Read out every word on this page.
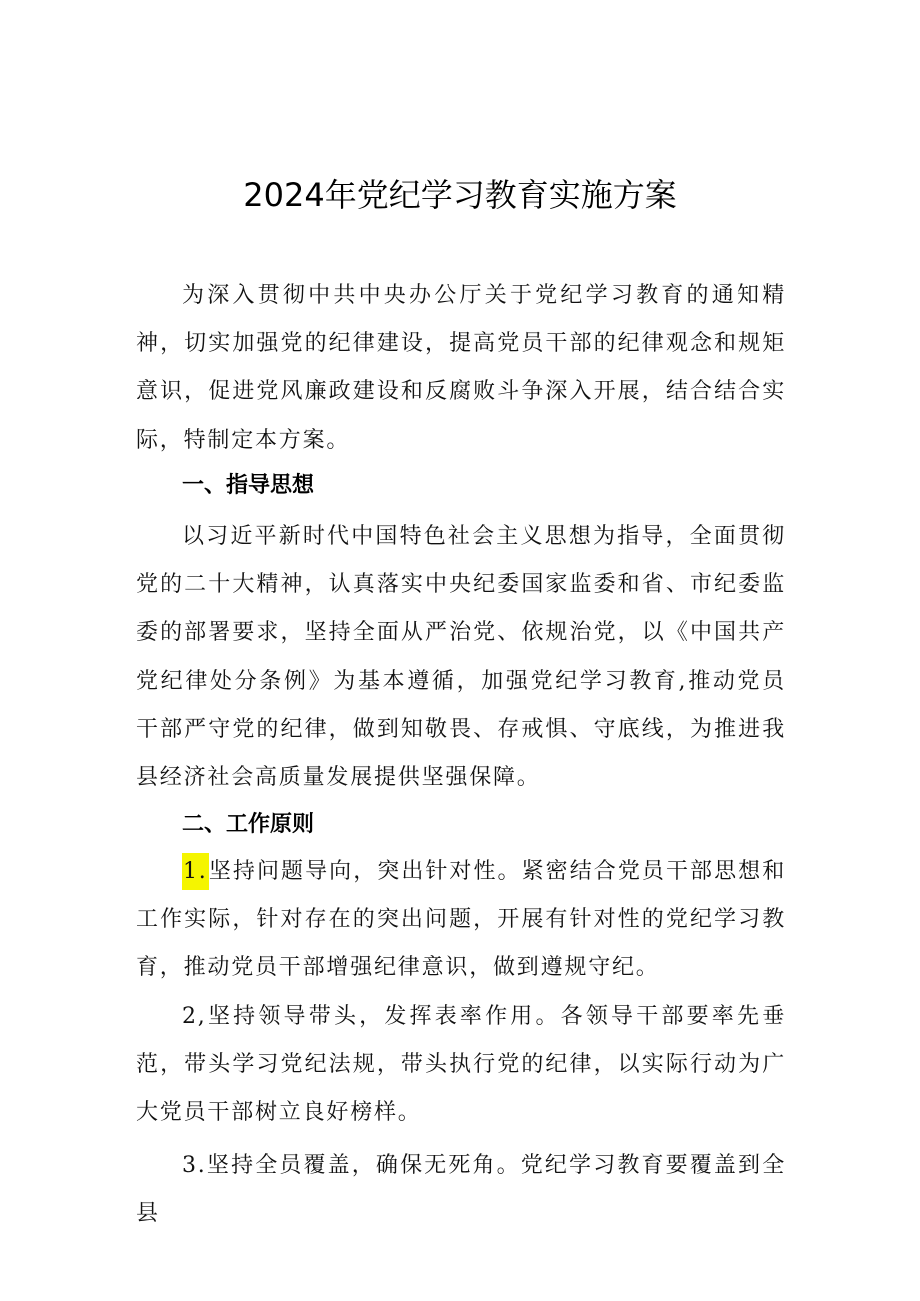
2024年党纪学习教育实施方案

为深入贯彻中共中央办公厅关于党纪学习教育的通知精神，切实加强党的纪律建设，提高党员干部的纪律观念和规矩意识，促进党风廉政建设和反腐败斗争深入开展，结合结合实际，特制定本方案。

一、指导思想

以习近平新时代中国特色社会主义思想为指导，全面贯彻党的二十大精神，认真落实中央纪委国家监委和省、市纪委监委的部署要求，坚持全面从严治党、依规治党，以《中国共产党纪律处分条例》为基本遵循，加强党纪学习教育,推动党员干部严守党的纪律，做到知敬畏、存戒惧、守底线，为推进我县经济社会高质量发展提供坚强保障。

二、工作原则

1.坚持问题导向，突出针对性。紧密结合党员干部思想和工作实际，针对存在的突出问题，开展有针对性的党纪学习教育，推动党员干部增强纪律意识，做到遵规守纪。

2,坚持领导带头，发挥表率作用。各领导干部要率先垂范，带头学习党纪法规，带头执行党的纪律，以实际行动为广大党员干部树立良好榜样。

3.坚持全员覆盖，确保无死角。党纪学习教育要覆盖到全县
